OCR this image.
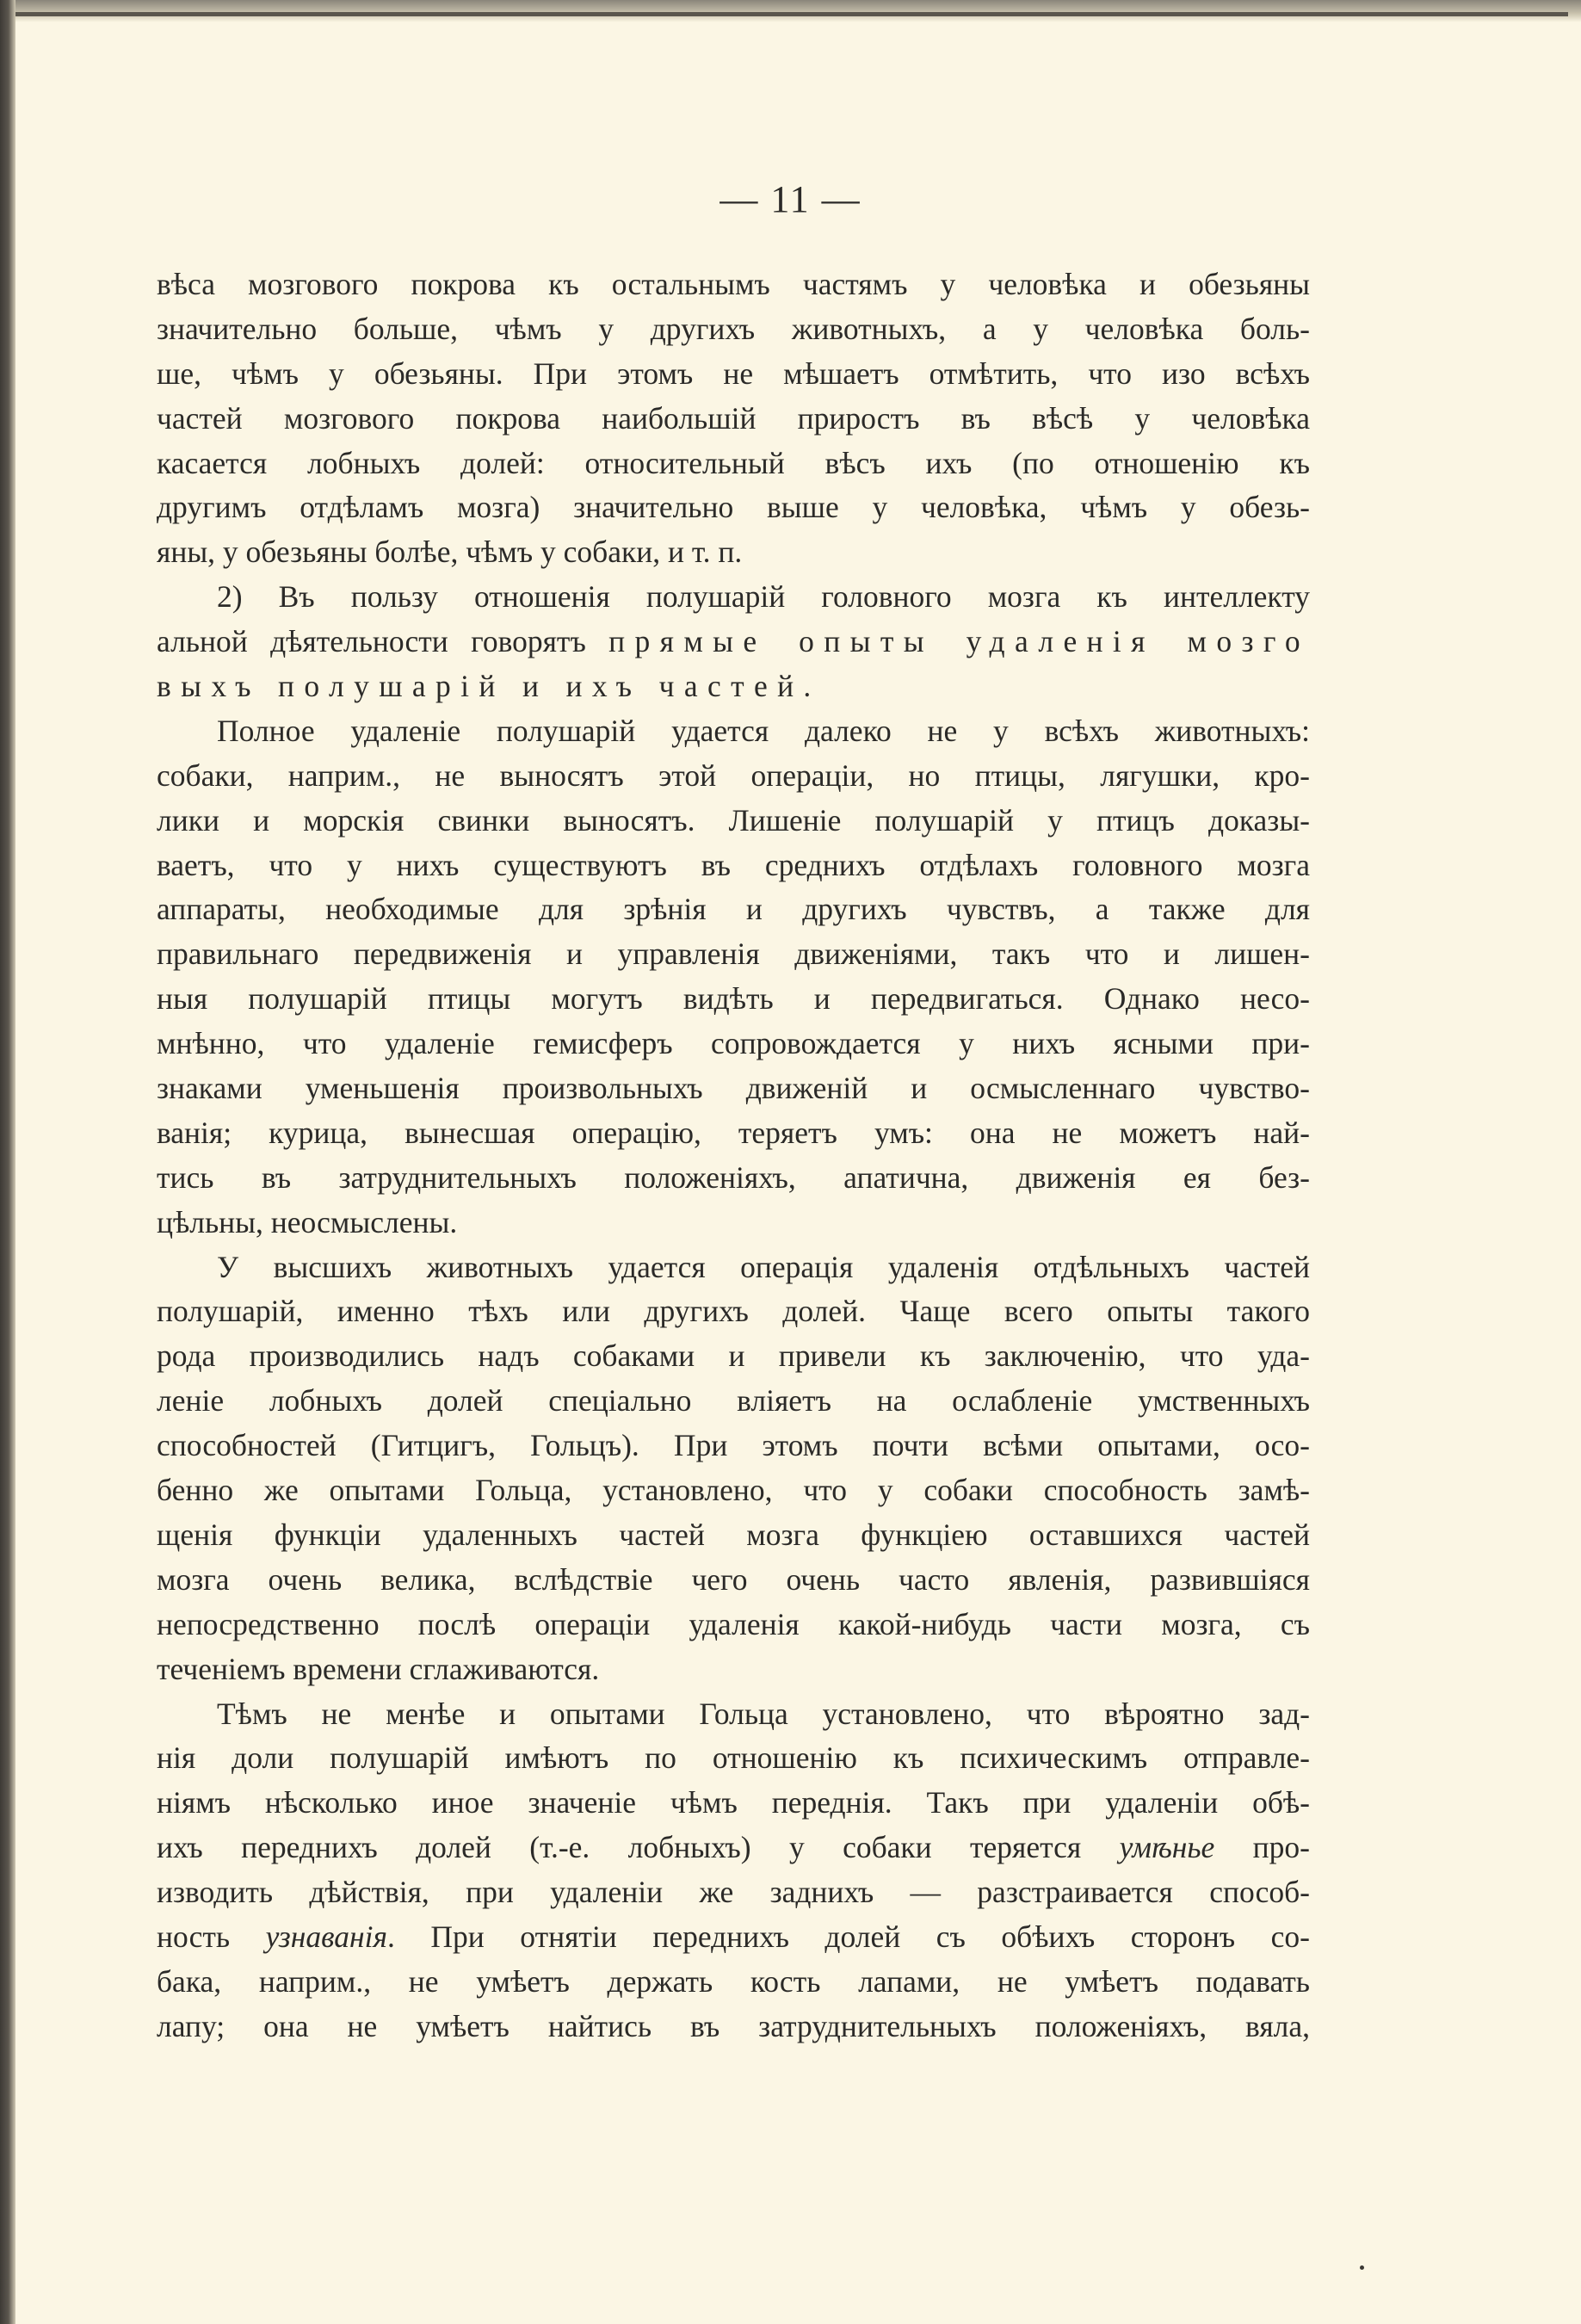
— 11 —
вѣса мозгового покрова къ остальнымъ частямъ у человѣка и обезьяны
значительно больше, чѣмъ у другихъ животныхъ, а у человѣка боль-
ше, чѣмъ у обезьяны. При этомъ не мѣшаетъ отмѣтить, что изо всѣхъ
частей мозгового покрова наибольшій приростъ въ вѣсѣ у человѣка
касается лобныхъ долей: относительный вѣсъ ихъ (по отношенію къ
другимъ отдѣламъ мозга) значительно выше у человѣка, чѣмъ у обезь-
яны, у обезьяны болѣе, чѣмъ у собаки, и т. п.
2) Въ пользу отношенія полушарій головного мозга къ интеллекту
альной дѣятельности говорятъ прямые опыты удаленія мозго
выхъ полушарій и ихъ частей.
Полное удаленіе полушарій удается далеко не у всѣхъ животныхъ:
собаки, наприм., не выносятъ этой операціи, но птицы, лягушки, кро-
лики и морскія свинки выносятъ. Лишеніе полушарій у птицъ доказы-
ваетъ, что у нихъ существуютъ въ среднихъ отдѣлахъ головного мозга
аппараты, необходимые для зрѣнія и другихъ чувствъ, а также для
правильнаго передвиженія и управленія движеніями, такъ что и лишен-
ныя полушарій птицы могутъ видѣть и передвигаться. Однако несо-
мнѣнно, что удаленіе гемисферъ сопровождается у нихъ ясными при-
знаками уменьшенія произвольныхъ движеній и осмысленнаго чувство-
ванія; курица, вынесшая операцію, теряетъ умъ: она не можетъ най-
тись въ затруднительныхъ положеніяхъ, апатична, движенія ея без-
цѣльны, неосмыслены.
У высшихъ животныхъ удается операція удаленія отдѣльныхъ частей
полушарій, именно тѣхъ или другихъ долей. Чаще всего опыты такого
рода производились надъ собаками и привели къ заключенію, что уда-
леніе лобныхъ долей спеціально вліяетъ на ослабленіе умственныхъ
способностей (Гитцигъ, Гольцъ). При этомъ почти всѣми опытами, осо-
бенно же опытами Гольца, установлено, что у собаки способность замѣ-
щенія функціи удаленныхъ частей мозга функціею оставшихся частей
мозга очень велика, вслѣдствіе чего очень часто явленія, развившіяся
непосредственно послѣ операціи удаленія какой-нибудь части мозга, съ
теченіемъ времени сглаживаются.
Тѣмъ не менѣе и опытами Гольца установлено, что вѣроятно зад-
нія доли полушарій имѣютъ по отношенію къ психическимъ отправле-
ніямъ нѣсколько иное значеніе чѣмъ переднія. Такъ при удаленіи обѣ-
ихъ переднихъ долей (т.-е. лобныхъ) у собаки теряется умѣнье про-
изводить дѣйствія, при удаленіи же заднихъ — разстраивается способ-
ность узнаванія. При отнятіи переднихъ долей съ обѣихъ сторонъ со-
бака, наприм., не умѣетъ держать кость лапами, не умѣетъ подавать
лапу; она не умѣетъ найтись въ затруднительныхъ положеніяхъ, вяла,
